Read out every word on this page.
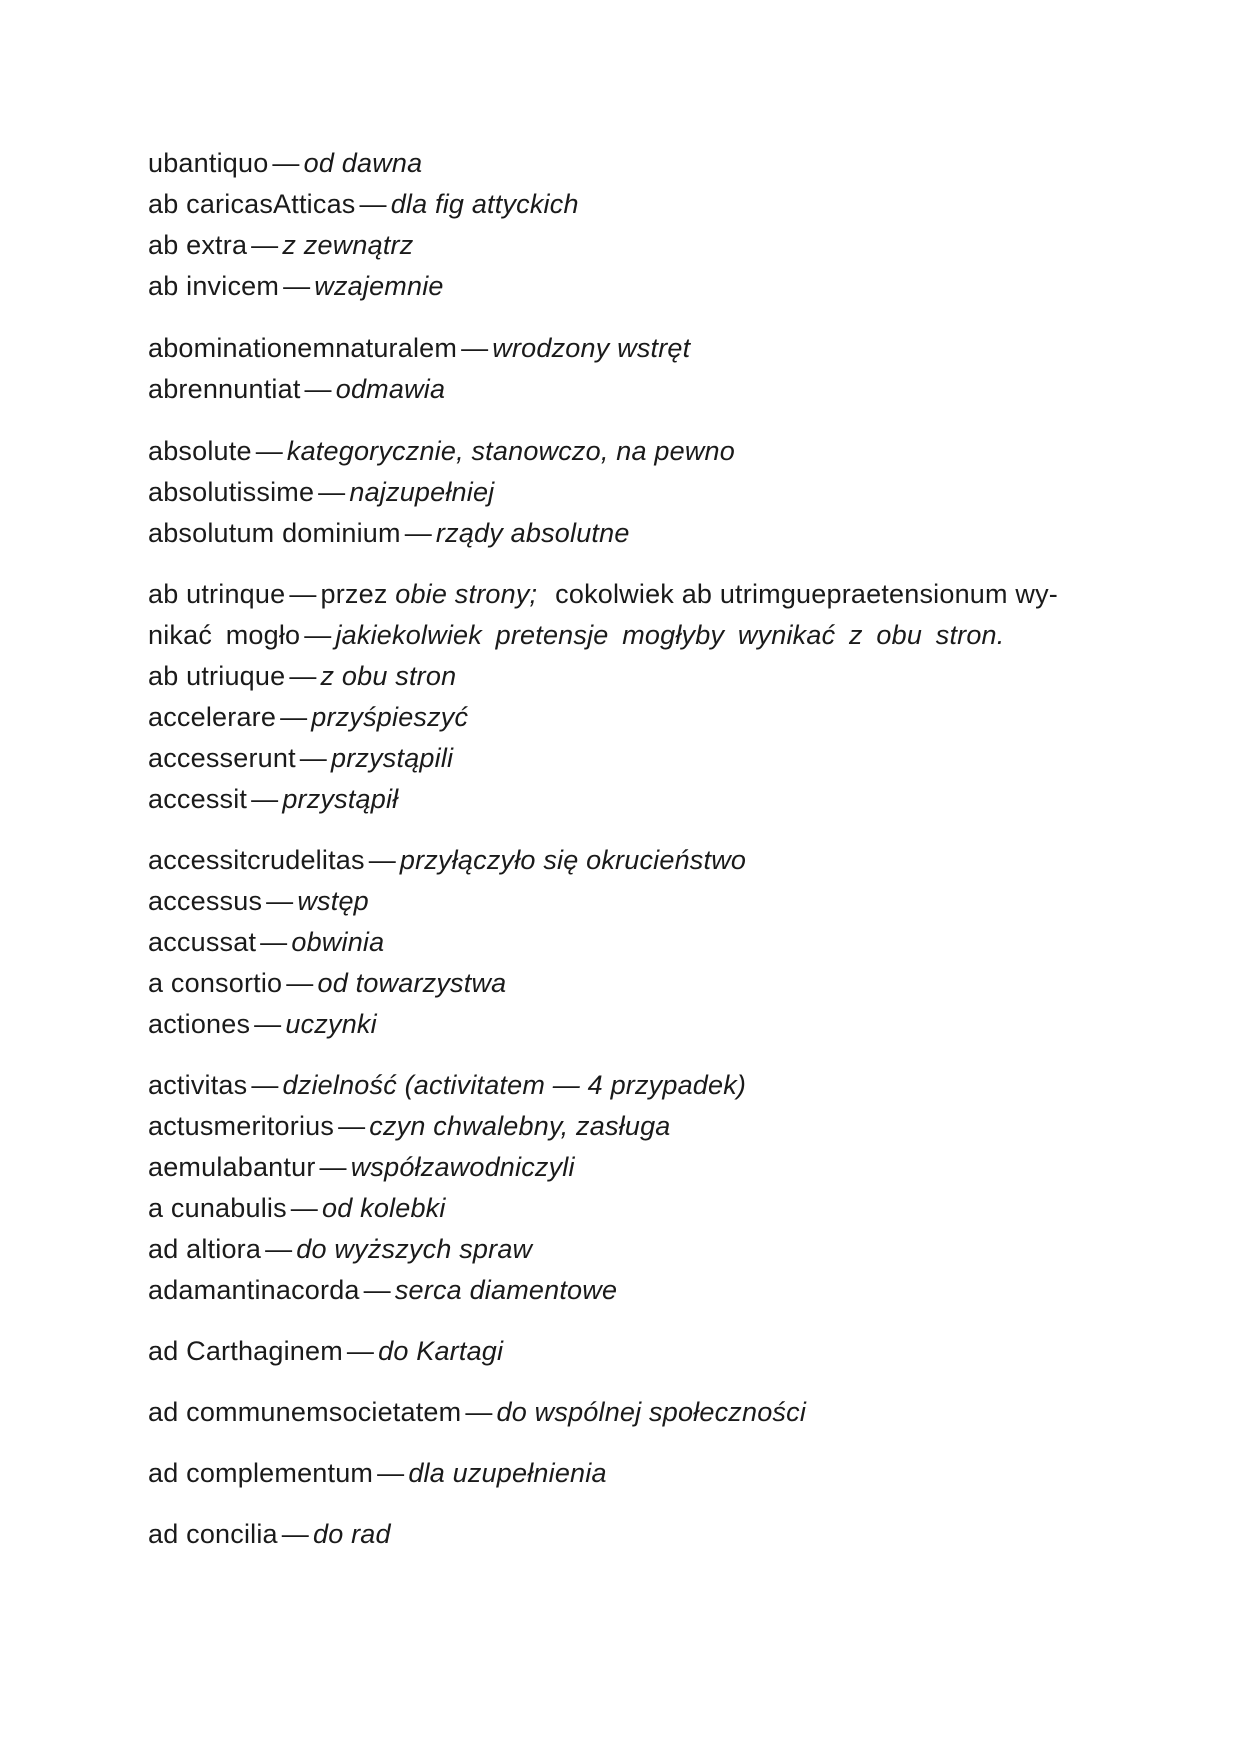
ubantiquo — od dawna
ab caricasAtticas — dla fig attyckich
ab extra — z zewnątrz
ab invicem — wzajemnie
abominationemnaturalem — wrodzony wstręt
abrennuntiat — odmawia
absolute — kategorycznie, stanowczo, na pewno
absolutissime — najzupełniej
absolutum dominium — rządy absolutne
ab utrinque — przez obie strony; cokolwiek ab utrimguepraetensionum wy-
nikać mogło — jakiekolwiek pretensje mogłyby wynikać z obu stron.
ab utriuque — z obu stron
accelerare — przyśpieszyć
accesserunt — przystąpili
accessit — przystąpił
accessitcrudelitas — przyłączyło się okrucieństwo
accessus — wstęp
accussat — obwinia
a consortio — od towarzystwa
actiones — uczynki
activitas — dzielność (activitatem — 4 przypadek)
actusmeritorius — czyn chwalebny, zasługa
aemulabantur — współzawodniczyli
a cunabulis — od kolebki
ad altiora — do wyższych spraw
adamantinacorda — serca diamentowe
ad Carthaginem — do Kartagi
ad communemsocietatem — do wspólnej społeczności
ad complementum — dla uzupełnienia
ad concilia — do rad
